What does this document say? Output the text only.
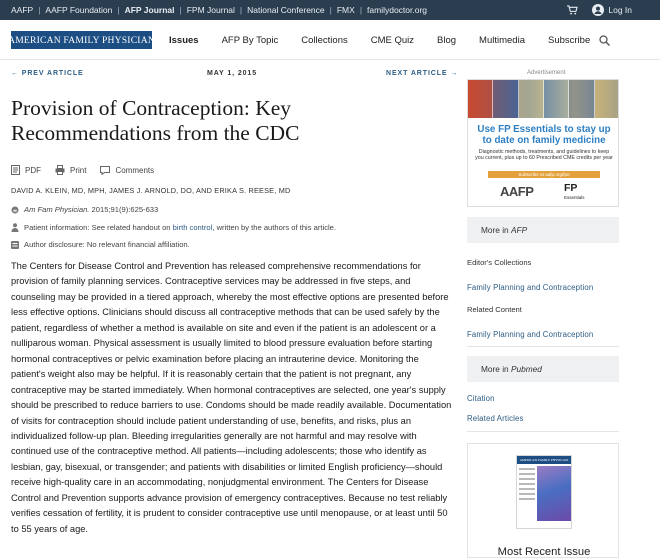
AAFP | AAFP Foundation | AFP Journal | FPM Journal | National Conference | FMX | familydoctor.org	Log In
AMERICAN FAMILY PHYSICIAN Issues AFP By Topic Collections CME Quiz Blog Multimedia Subscribe
← PREV ARTICLE	MAY 1, 2015	NEXT ARTICLE →
Provision of Contraception: Key Recommendations from the CDC
PDF	Print	Comments
DAVID A. KLEIN, MD, MPH, JAMES J. ARNOLD, DO, AND ERIKA S. REESE, MD
Am Fam Physician.
2015;91(9):625-633
Patient information:
See related handout on
birth control , written by the authors of this article.
Author disclosure: No relevant financial affiliation.

The Centers for Disease Control and Prevention has released comprehensive recommendations for provision of family planning services. Contraceptive services may be addressed in five steps, and counseling may be provided in a tiered approach, whereby the most effective options are presented before less effective options. Clinicians should discuss all contraceptive methods that can be used safely by the patient, regardless of whether a method is available on site and even if the patient is an adolescent or a nulliparous woman. Physical assessment is usually limited to blood pressure evaluation before starting hormonal contraceptives or pelvic examination before placing an intrauterine device. Monitoring the patient's weight also may be helpful. If it is reasonably certain that the patient is not pregnant, any contraceptive may be started immediately. When hormonal contraceptives are selected, one year's supply should be prescribed to reduce barriers to use. Condoms should be made readily available. Documentation of visits for contraception should include patient understanding of use, benefits, and risks, plus an individualized follow-up plan. Bleeding irregularities generally are not harmful and may resolve with continued use of the contraceptive method. All patients—including adolescents; those who identify as lesbian, gay, bisexual, or transgender; and patients with disabilities or limited English proficiency—should receive high-quality care in an accommodating, nonjudgmental environment. The Centers for Disease Control and Prevention supports advance provision of emergency contraceptives. Because no test reliably verifies cessation of fertility, it is prudent to consider contraceptive use until menopause, or at least until 50 to 55 years of age.

Advertisement
Use FP Essentials to stay up to date on family medicine
Diagnostic methods, treatments, and guidelines to keep you current, plus up to 60 Prescribed CME credits per year
Subscribe at aafp.org/fpe
AAFP	FP
Essentials
More in AFP
Editor's Collections
Family Planning and Contraception
Related Content
Family Planning and Contraception
More in Pubmed
Citation
Related Articles
AMERICAN FAMILY PHYSICIAN
Most Recent Issue
